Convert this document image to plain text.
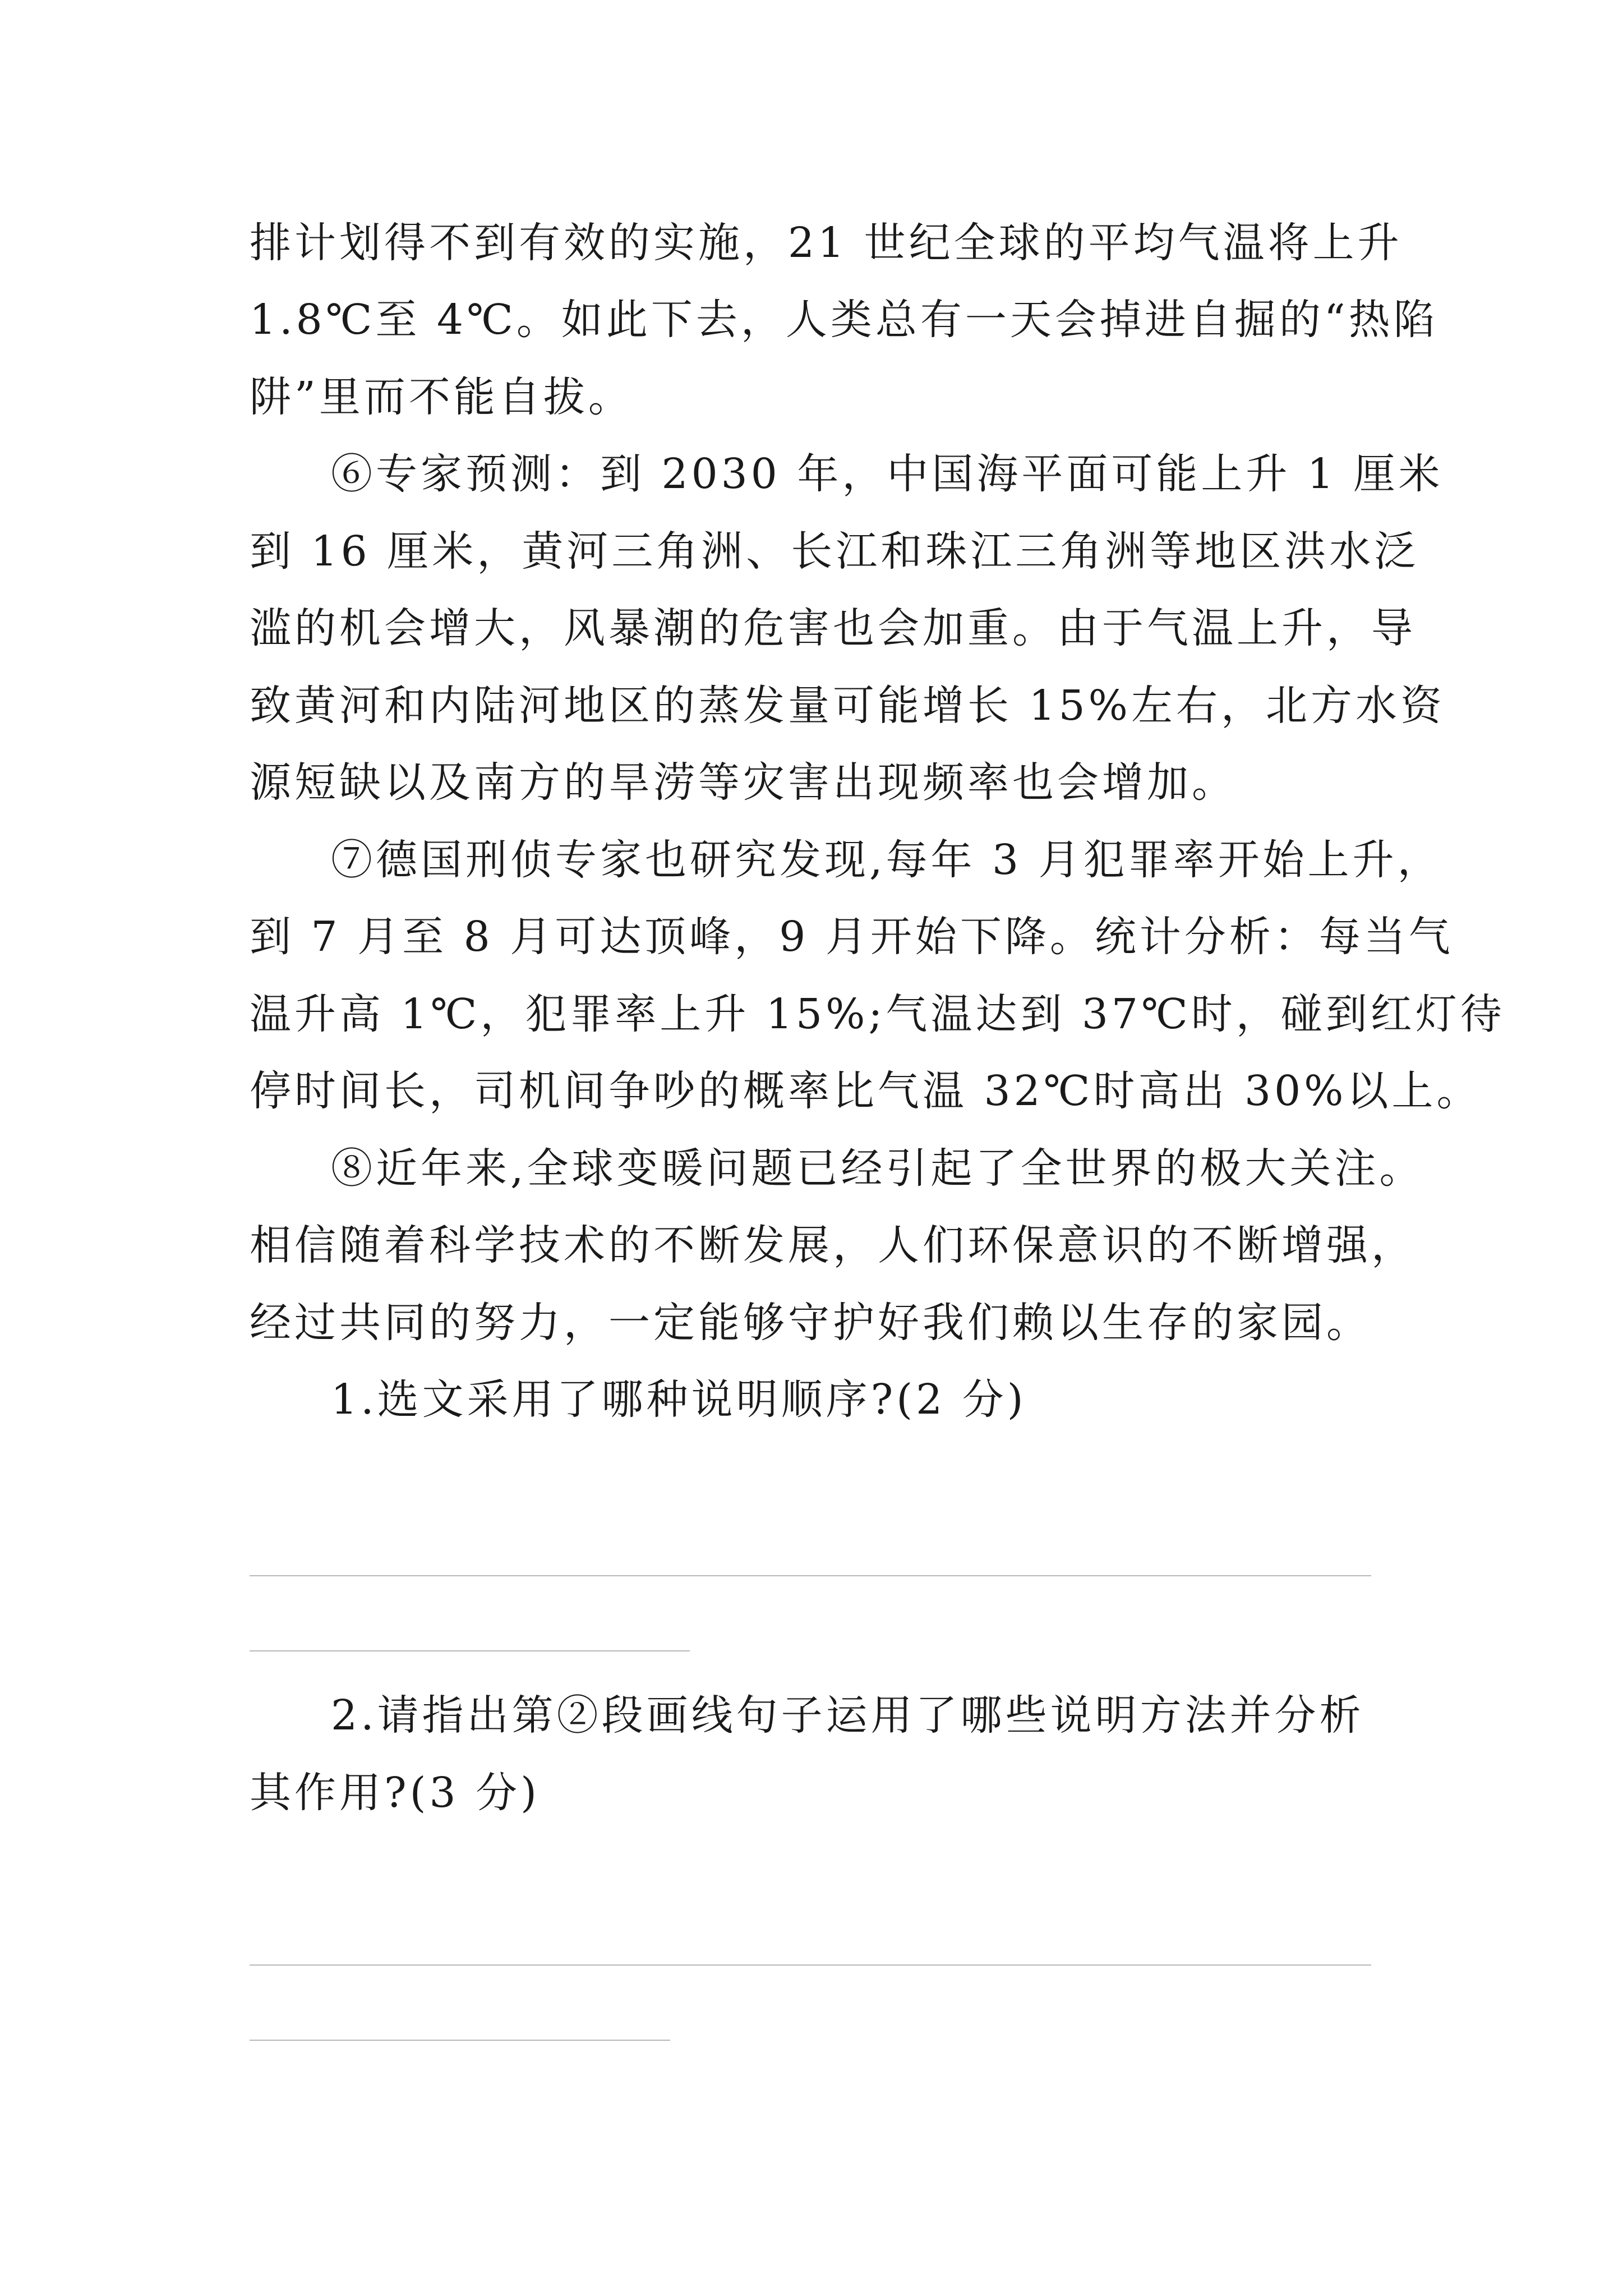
排计划得不到有效的实施，21 世纪全球的平均气温将上升
1.8℃至 4℃。如此下去，人类总有一天会掉进自掘的“热陷
阱”里而不能自拔。
⑥专家预测：到 2030 年，中国海平面可能上升 1 厘米
到 16 厘米，黄河三角洲、长江和珠江三角洲等地区洪水泛
滥的机会增大，风暴潮的危害也会加重。由于气温上升，导
致黄河和内陆河地区的蒸发量可能增长 15%左右，北方水资
源短缺以及南方的旱涝等灾害出现频率也会增加。
⑦德国刑侦专家也研究发现,每年 3 月犯罪率开始上升，
到 7 月至 8 月可达顶峰，9 月开始下降。统计分析：每当气
温升高 1℃，犯罪率上升 15%;气温达到 37℃时，碰到红灯待
停时间长，司机间争吵的概率比气温 32℃时高出 30%以上。
⑧近年来,全球变暖问题已经引起了全世界的极大关注。
相信随着科学技术的不断发展，人们环保意识的不断增强，
经过共同的努力，一定能够守护好我们赖以生存的家园。
1.选文采用了哪种说明顺序?(2 分)
2.请指出第②段画线句子运用了哪些说明方法并分析
其作用?(3 分)
